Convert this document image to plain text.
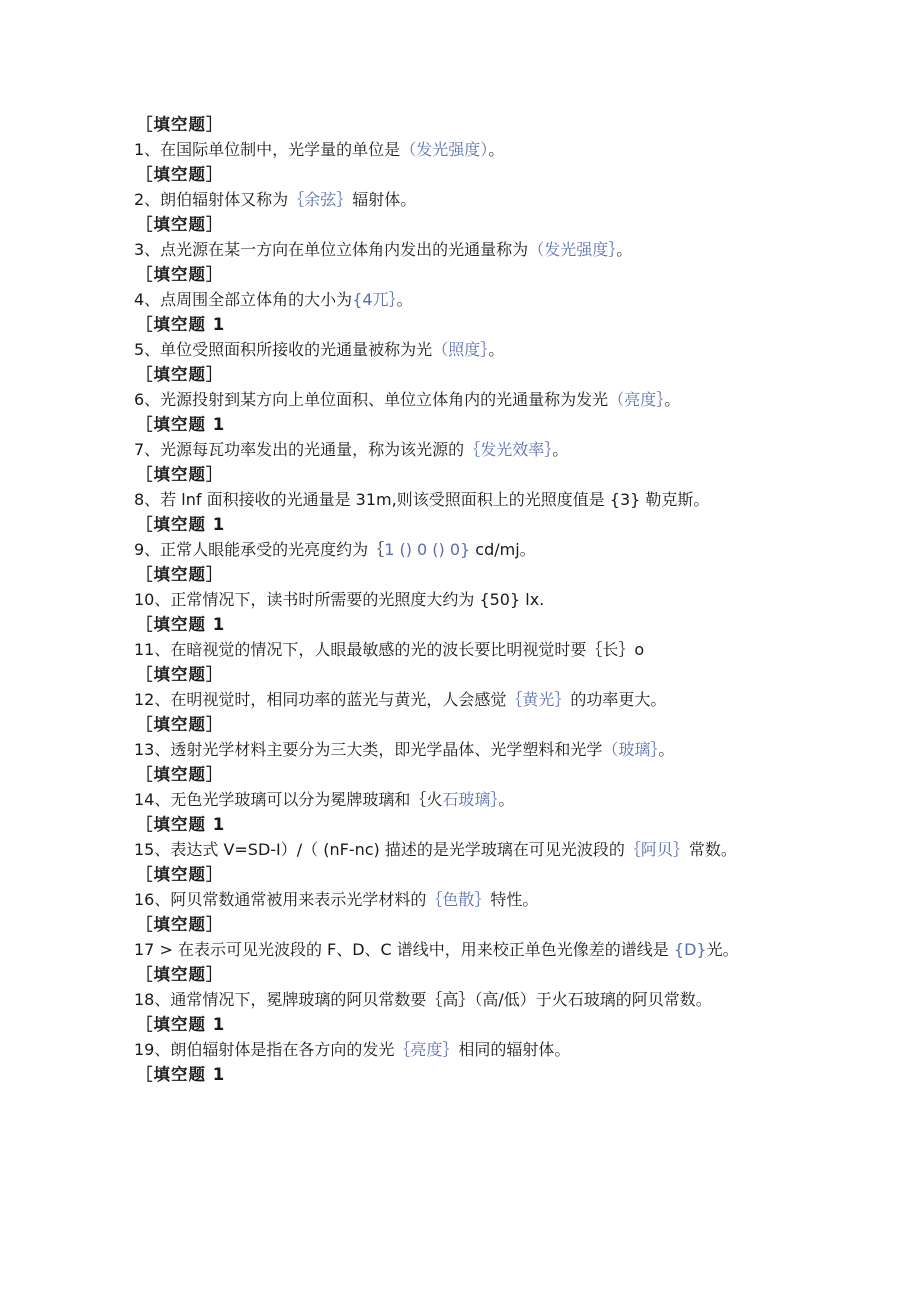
［填空题］
1、在国际单位制中，光学量的单位是（发光强度）。
［填空题］
2、朗伯辐射体又称为｛余弦｝辐射体。
［填空题］
3、点光源在某一方向在单位立体角内发出的光通量称为（发光强度｝。
［填空题］
4、点周围全部立体角的大小为{4兀｝。
［填空题 1
5、单位受照面积所接收的光通量被称为光（照度｝。
［填空题］
6、光源投射到某方向上单位面积、单位立体角内的光通量称为发光（亮度｝。
［填空题 1
7、光源每瓦功率发出的光通量，称为该光源的｛发光效率｝。
［填空题］
8、若 lnf 面积接收的光通量是 31m,则该受照面积上的光照度值是 {3} 勒克斯。
［填空题 1
9、正常人眼能承受的光亮度约为｛1 () 0 () 0} cd/mj。
［填空题］
10、正常情况下，读书时所需要的光照度大约为 {50} lx.
［填空题 1
11、在暗视觉的情况下，人眼最敏感的光的波长要比明视觉时要｛长｝o
［填空题］
12、在明视觉时，相同功率的蓝光与黄光，人会感觉｛黄光｝的功率更大。
［填空题］
13、透射光学材料主要分为三大类，即光学晶体、光学塑料和光学（玻璃｝。
［填空题］
14、无色光学玻璃可以分为冕牌玻璃和｛火石玻璃｝。
［填空题 1
15、表达式 V=SD-I）/（ (nF-nc) 描述的是光学玻璃在可见光波段的｛阿贝｝常数。
［填空题］
16、阿贝常数通常被用来表示光学材料的｛色散｝特性。
［填空题］
17 > 在表示可见光波段的 F、D、C 谱线中，用来校正单色光像差的谱线是 {D}光。
［填空题］
18、通常情况下，冕牌玻璃的阿贝常数要｛高｝（高/低）于火石玻璃的阿贝常数。
［填空题 1
19、朗伯辐射体是指在各方向的发光｛亮度｝相同的辐射体。
［填空题 1
